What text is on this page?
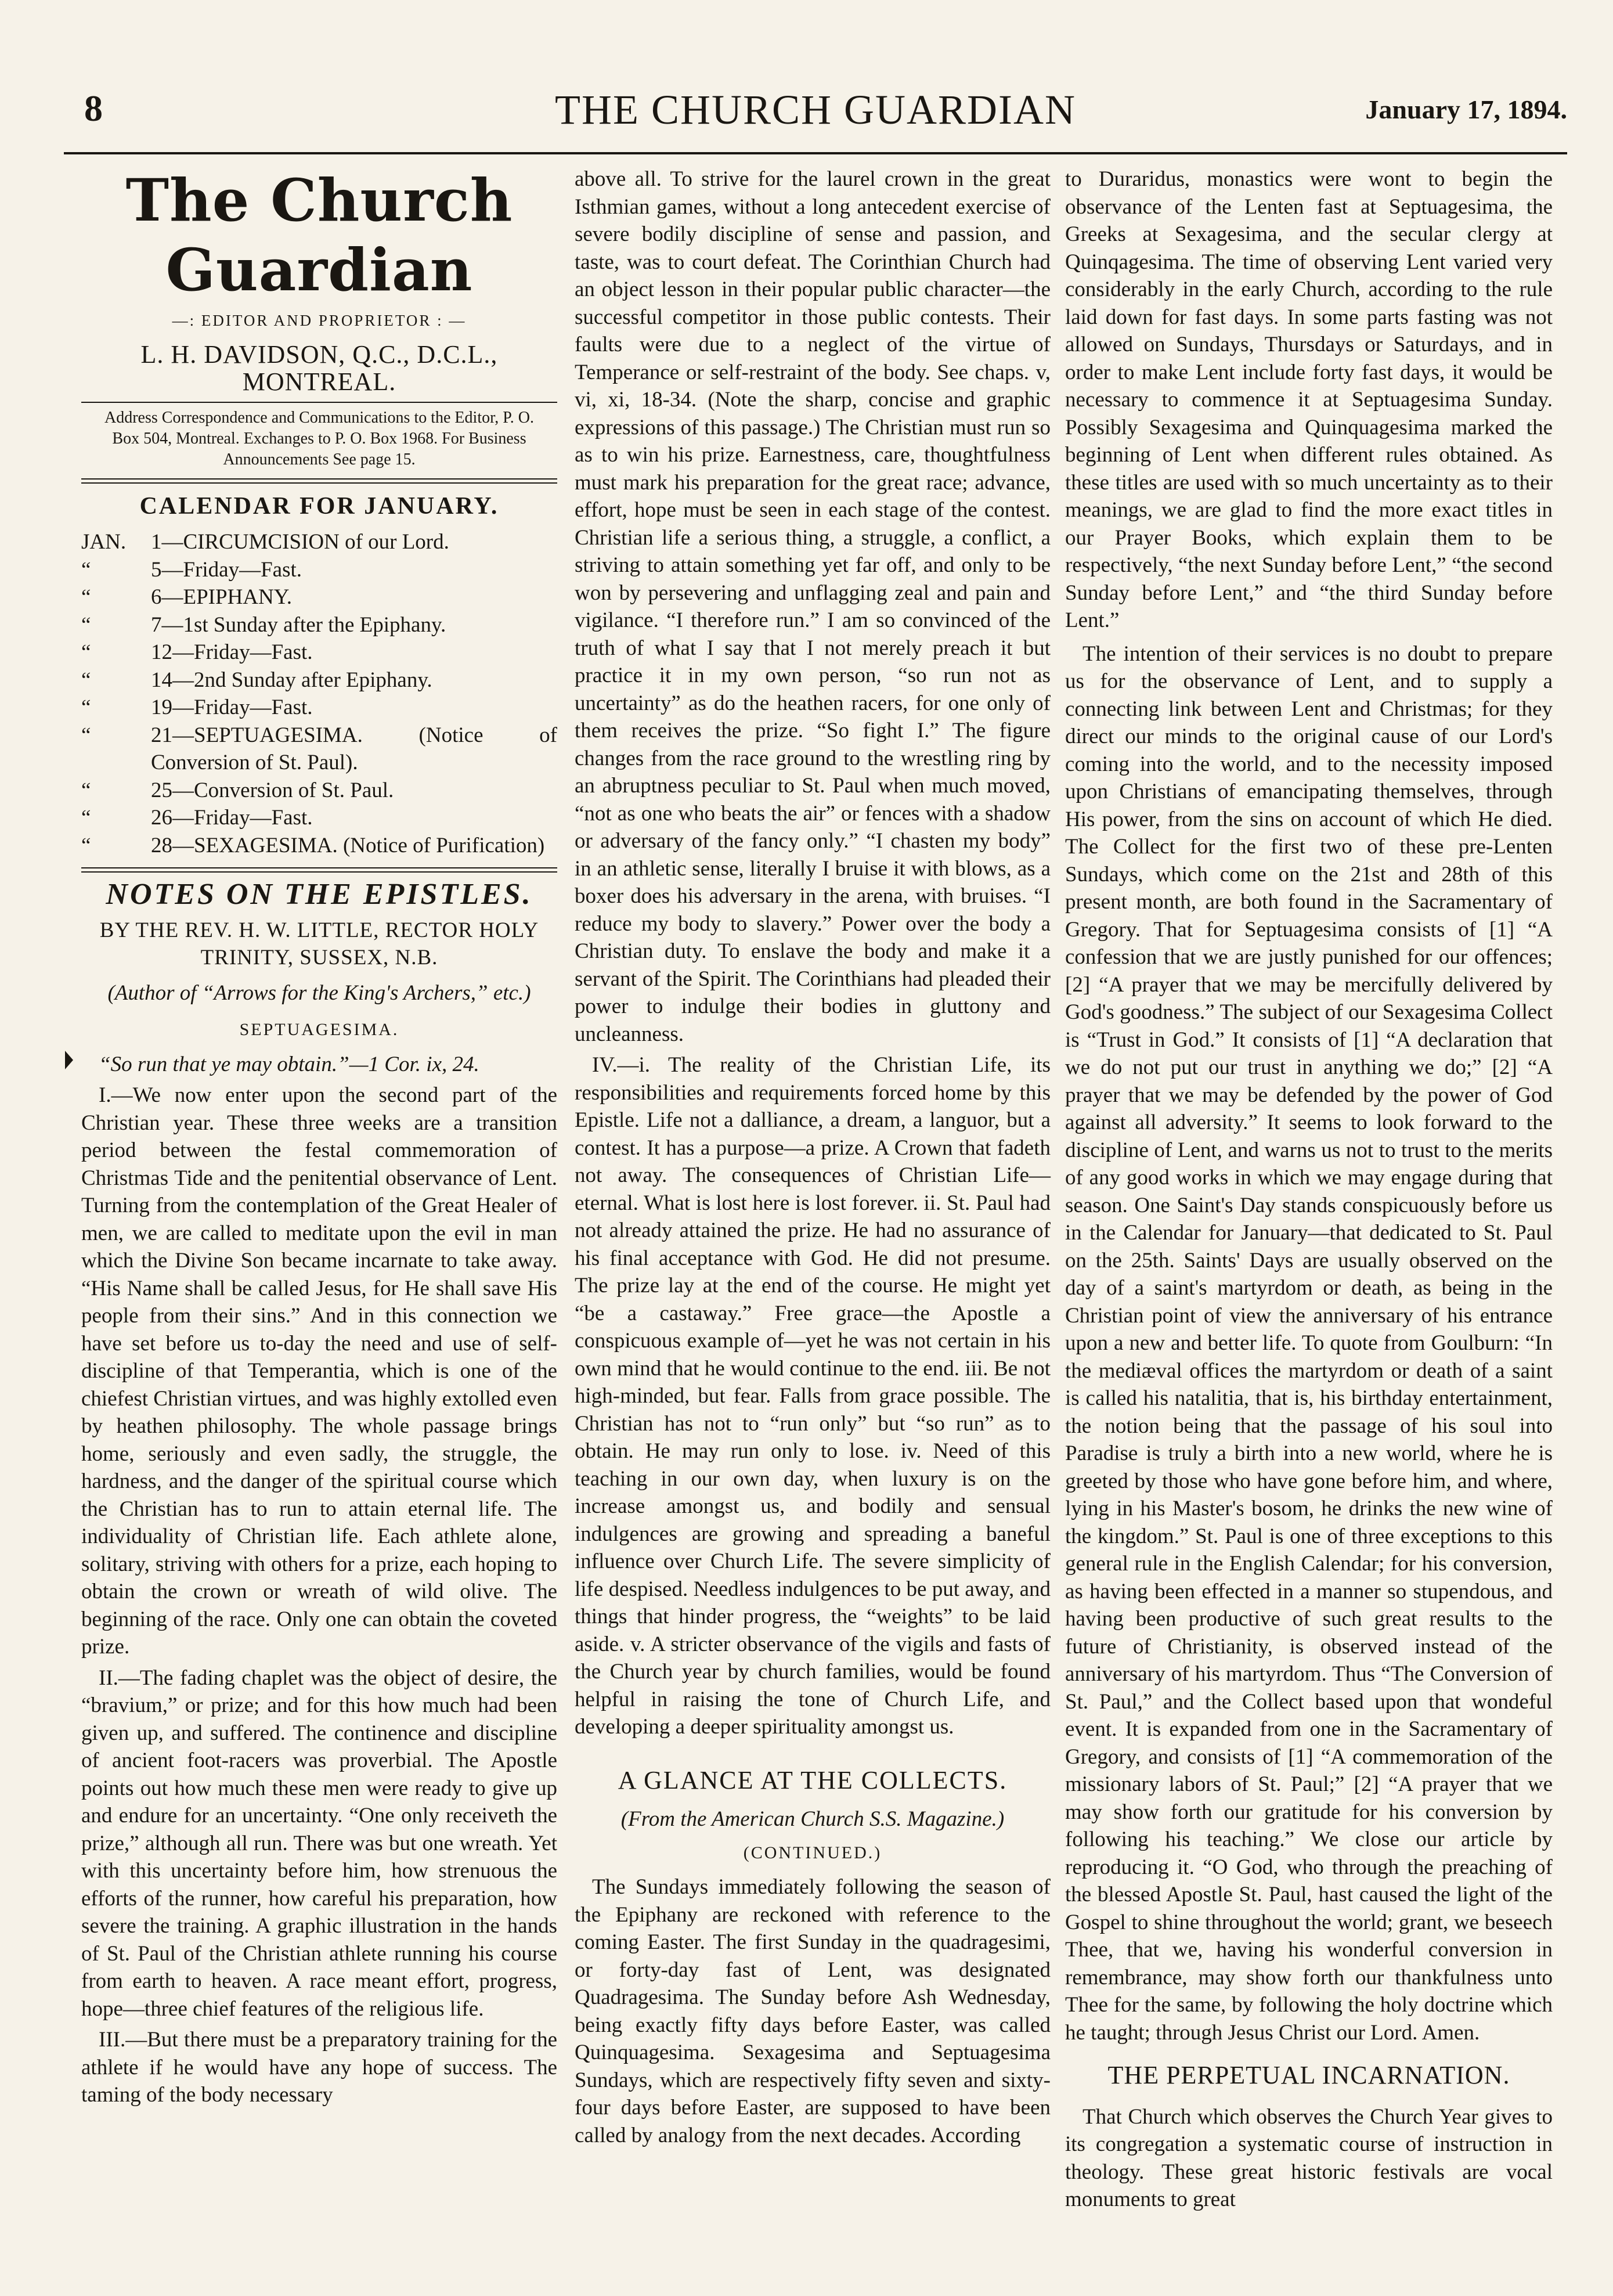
8	THE CHURCH GUARDIAN	January 17, 1894.
The Church Guardian
—: EDITOR AND PROPRIETOR : —
L. H. DAVIDSON, Q.C., D.C.L., MONTREAL.
Address Correspondence and Communications to the Editor, P. O. Box 504, Montreal. Exchanges to P. O. Box 1968. For Business Announcements See page 15.
CALENDAR FOR JANUARY.
JAN.	1—CIRCUMCISION of our Lord.
“	5—Friday—Fast.
“	6—EPIPHANY.
“	7—1st Sunday after the Epiphany.
“	12—Friday—Fast.
“	14—2nd Sunday after Epiphany.
“	19—Friday—Fast.
“	21—SEPTUAGESIMA. (Notice of Conversion of St. Paul).
“	25—Conversion of St. Paul.
“	26—Friday—Fast.
“	28—SEXAGESIMA. (Notice of Purification)
NOTES ON THE EPISTLES.
BY THE REV. H. W. LITTLE, RECTOR HOLY
TRINITY, SUSSEX, N.B.
(Author of “Arrows for the King's Archers,” etc.)
SEPTUAGESIMA.
“So run that ye may obtain.”—1 Cor. ix, 24.

I.—We now enter upon the second part of the Christian year. These three weeks are a transition period between the festal commemoration of Christmas Tide and the penitential observance of Lent. Turning from the contemplation of the Great Healer of men, we are called to meditate upon the evil in man which the Divine Son became incarnate to take away. “His Name shall be called Jesus, for He shall save His people from their sins.” And in this connection we have set before us to-day the need and use of self-discipline of that Temperantia, which is one of the chiefest Christian virtues, and was highly extolled even by heathen philosophy. The whole passage brings home, seriously and even sadly, the struggle, the hardness, and the danger of the spiritual course which the Christian has to run to attain eternal life. The individuality of Christian life. Each athlete alone, solitary, striving with others for a prize, each hoping to obtain the crown or wreath of wild olive. The beginning of the race. Only one can obtain the coveted prize.

II.—The fading chaplet was the object of desire, the “bravium,” or prize; and for this how much had been given up, and suffered. The continence and discipline of ancient foot-racers was proverbial. The Apostle points out how much these men were ready to give up and endure for an uncertainty. “One only receiveth the prize,” although all run. There was but one wreath. Yet with this uncertainty before him, how strenuous the efforts of the runner, how careful his preparation, how severe the training. A graphic illustration in the hands of St. Paul of the Christian athlete running his course from earth to heaven. A race meant effort, progress, hope—three chief features of the religious life.

III.—But there must be a preparatory training for the athlete if he would have any hope of success. The taming of the body necessary

above all. To strive for the laurel crown in the great Isthmian games, without a long antecedent exercise of severe bodily discipline of sense and passion, and taste, was to court defeat. The Corinthian Church had an object lesson in their popular public character—the successful competitor in those public contests. Their faults were due to a neglect of the virtue of Temperance or self-restraint of the body. See chaps. v, vi, xi, 18-34. (Note the sharp, concise and graphic expressions of this passage.) The Christian must run so as to win his prize. Earnestness, care, thoughtfulness must mark his preparation for the great race; advance, effort, hope must be seen in each stage of the contest. Christian life a serious thing, a struggle, a conflict, a striving to attain something yet far off, and only to be won by persevering and unflagging zeal and pain and vigilance. “I therefore run.” I am so convinced of the truth of what I say that I not merely preach it but practice it in my own person, “so run not as uncertainty” as do the heathen racers, for one only of them receives the prize. “So fight I.” The figure changes from the race ground to the wrestling ring by an abruptness peculiar to St. Paul when much moved, “not as one who beats the air” or fences with a shadow or adversary of the fancy only.” “I chasten my body” in an athletic sense, literally I bruise it with blows, as a boxer does his adversary in the arena, with bruises. “I reduce my body to slavery.” Power over the body a Christian duty. To enslave the body and make it a servant of the Spirit. The Corinthians had pleaded their power to indulge their bodies in gluttony and uncleanness.

IV.—i. The reality of the Christian Life, its responsibilities and requirements forced home by this Epistle. Life not a dalliance, a dream, a languor, but a contest. It has a purpose—a prize. A Crown that fadeth not away. The consequences of Christian Life—eternal. What is lost here is lost forever. ii. St. Paul had not already attained the prize. He had no assurance of his final acceptance with God. He did not presume. The prize lay at the end of the course. He might yet “be a castaway.” Free grace—the Apostle a conspicuous example of—yet he was not certain in his own mind that he would continue to the end. iii. Be not high-minded, but fear. Falls from grace possible. The Christian has not to “run only” but “so run” as to obtain. He may run only to lose. iv. Need of this teaching in our own day, when luxury is on the increase amongst us, and bodily and sensual indulgences are growing and spreading a baneful influence over Church Life. The severe simplicity of life despised. Needless indulgences to be put away, and things that hinder progress, the “weights” to be laid aside. v. A stricter observance of the vigils and fasts of the Church year by church families, would be found helpful in raising the tone of Church Life, and developing a deeper spirituality amongst us.

A GLANCE AT THE COLLECTS.
(From the American Church S.S. Magazine.)
(CONTINUED.)

The Sundays immediately following the season of the Epiphany are reckoned with reference to the coming Easter. The first Sunday in the quadragesimi, or forty-day fast of Lent, was designated Quadragesima. The Sunday before Ash Wednesday, being exactly fifty days before Easter, was called Quinquagesima. Sexagesima and Septuagesima Sundays, which are respectively fifty seven and sixty-four days before Easter, are supposed to have been called by analogy from the next decades. According

to Duraridus, monastics were wont to begin the observance of the Lenten fast at Septuagesima, the Greeks at Sexagesima, and the secular clergy at Quinqagesima. The time of observing Lent varied very considerably in the early Church, according to the rule laid down for fast days. In some parts fasting was not allowed on Sundays, Thursdays or Saturdays, and in order to make Lent include forty fast days, it would be necessary to commence it at Septuagesima Sunday. Possibly Sexagesima and Quinquagesima marked the beginning of Lent when different rules obtained. As these titles are used with so much uncertainty as to their meanings, we are glad to find the more exact titles in our Prayer Books, which explain them to be respectively, “the next Sunday before Lent,” “the second Sunday before Lent,” and “the third Sunday before Lent.”

The intention of their services is no doubt to prepare us for the observance of Lent, and to supply a connecting link between Lent and Christmas; for they direct our minds to the original cause of our Lord's coming into the world, and to the necessity imposed upon Christians of emancipating themselves, through His power, from the sins on account of which He died. The Collect for the first two of these pre-Lenten Sundays, which come on the 21st and 28th of this present month, are both found in the Sacramentary of Gregory. That for Septuagesima consists of [1] “A confession that we are justly punished for our offences; [2] “A prayer that we may be mercifully delivered by God's goodness.” The subject of our Sexagesima Collect is “Trust in God.” It consists of [1] “A declaration that we do not put our trust in anything we do;” [2] “A prayer that we may be defended by the power of God against all adversity.” It seems to look forward to the discipline of Lent, and warns us not to trust to the merits of any good works in which we may engage during that season. One Saint's Day stands conspicuously before us in the Calendar for January—that dedicated to St. Paul on the 25th. Saints' Days are usually observed on the day of a saint's martyrdom or death, as being in the Christian point of view the anniversary of his entrance upon a new and better life. To quote from Goulburn: “In the mediæval offices the martyrdom or death of a saint is called his natalitia, that is, his birthday entertainment, the notion being that the passage of his soul into Paradise is truly a birth into a new world, where he is greeted by those who have gone before him, and where, lying in his Master's bosom, he drinks the new wine of the kingdom.” St. Paul is one of three exceptions to this general rule in the English Calendar; for his conversion, as having been effected in a manner so stupendous, and having been productive of such great results to the future of Christianity, is observed instead of the anniversary of his martyrdom. Thus “The Conversion of St. Paul,” and the Collect based upon that wondeful event. It is expanded from one in the Sacramentary of Gregory, and consists of [1] “A commemoration of the missionary labors of St. Paul;” [2] “A prayer that we may show forth our gratitude for his conversion by following his teaching.” We close our article by reproducing it. “O God, who through the preaching of the blessed Apostle St. Paul, hast caused the light of the Gospel to shine throughout the world; grant, we beseech Thee, that we, having his wonderful conversion in remembrance, may show forth our thankfulness unto Thee for the same, by following the holy doctrine which he taught; through Jesus Christ our Lord. Amen.

THE PERPETUAL INCARNATION.

That Church which observes the Church Year gives to its congregation a systematic course of instruction in theology. These great historic festivals are vocal monuments to great
